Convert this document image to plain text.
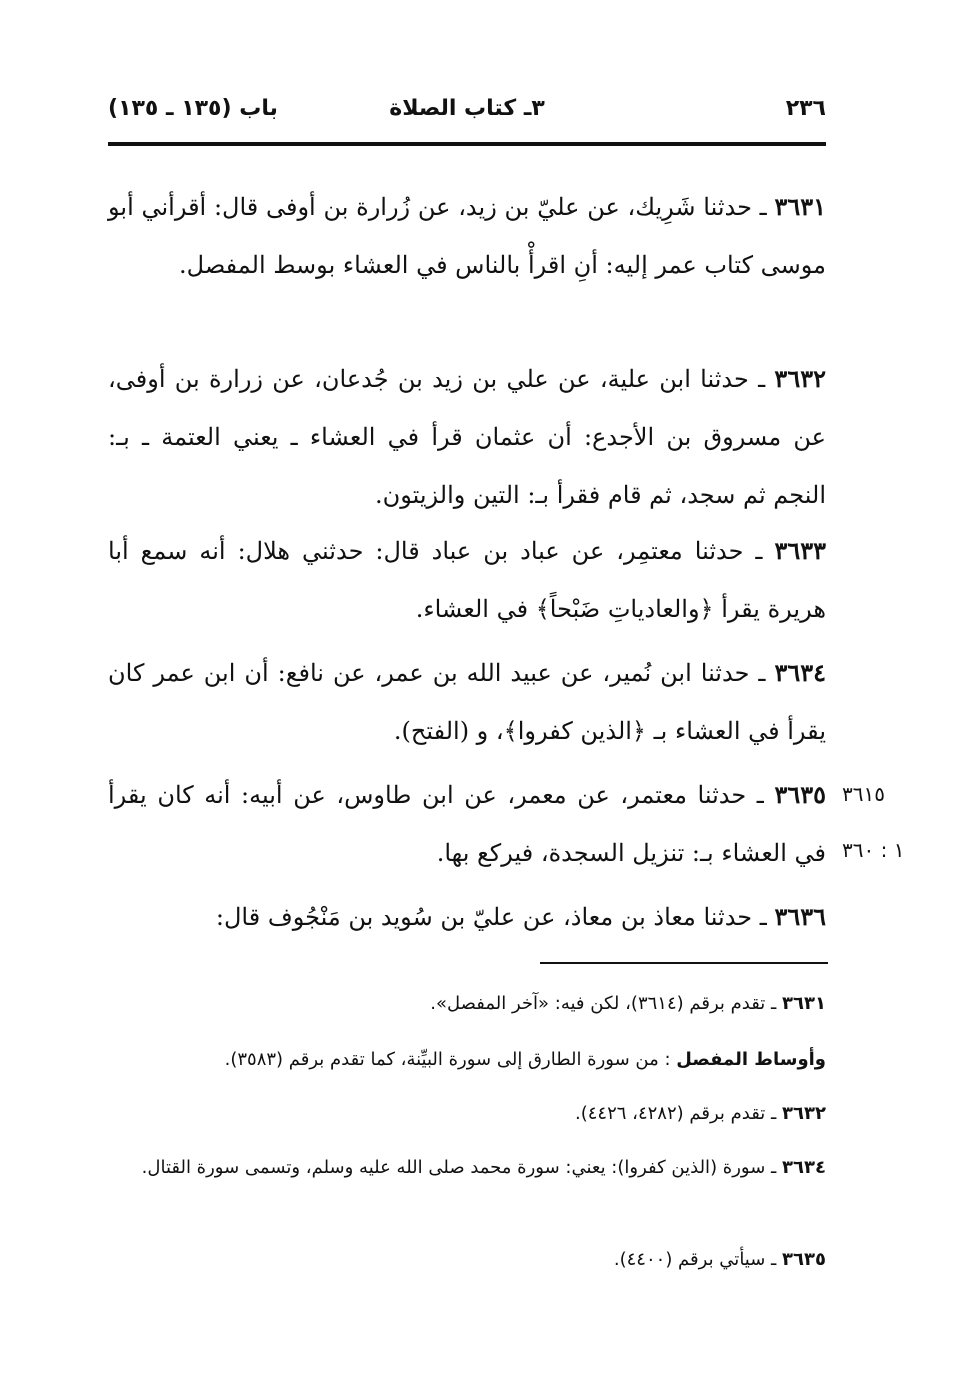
٢٣٦
٣ـ كتاب الصلاة
باب (١٣٥ ـ ١٣٥)
٣٦٣١ ـ حدثنا شَرِيك، عن عليّ بن زيد، عن زُرارة بن أوفى قال: أقرأني أبو موسى كتاب عمر إليه: أنِ اقرأْ بالناس في العشاء بوسط المفصل.
٣٦٣٢ ـ حدثنا ابن علية، عن علي بن زيد بن جُدعان، عن زرارة بن أوفى، عن مسروق بن الأجدع: أن عثمان قرأ في العشاء ـ يعني العتمة ـ بـ: النجم ثم سجد، ثم قام فقرأ بـ: التين والزيتون.
٣٦٣٣ ـ حدثنا معتمِر، عن عباد بن عباد قال: حدثني هلال: أنه سمع أبا هريرة يقرأ ﴿والعادياتِ ضَبْحاً﴾ في العشاء.
٣٦٣٤ ـ حدثنا ابن نُمير، عن عبيد الله بن عمر، عن نافع: أن ابن عمر كان يقرأ في العشاء بـ ﴿الذين كفروا﴾، و (الفتح).
٣٦٣٥ ـ حدثنا معتمر، عن معمر، عن ابن طاوس، عن أبيه: أنه كان يقرأ في العشاء بـ: تنزيل السجدة، فيركع بها.
٣٦٣٦ ـ حدثنا معاذ بن معاذ، عن عليّ بن سُويد بن مَنْجُوف قال:
٣٦١٥
١ : ٣٦٠
٣٦٣١ ـ تقدم برقم (٣٦١٤)، لكن فيه: «آخر المفصل».
وأوساط المفصل : من سورة الطارق إلى سورة البيِّنة، كما تقدم برقم (٣٥٨٣).
٣٦٣٢ ـ تقدم برقم (٤٢٨٢، ٤٤٢٦).
٣٦٣٤ ـ سورة (الذين كفروا): يعني: سورة محمد صلى الله عليه وسلم، وتسمى سورة القتال.
٣٦٣٥ ـ سيأتي برقم (٤٤٠٠).
